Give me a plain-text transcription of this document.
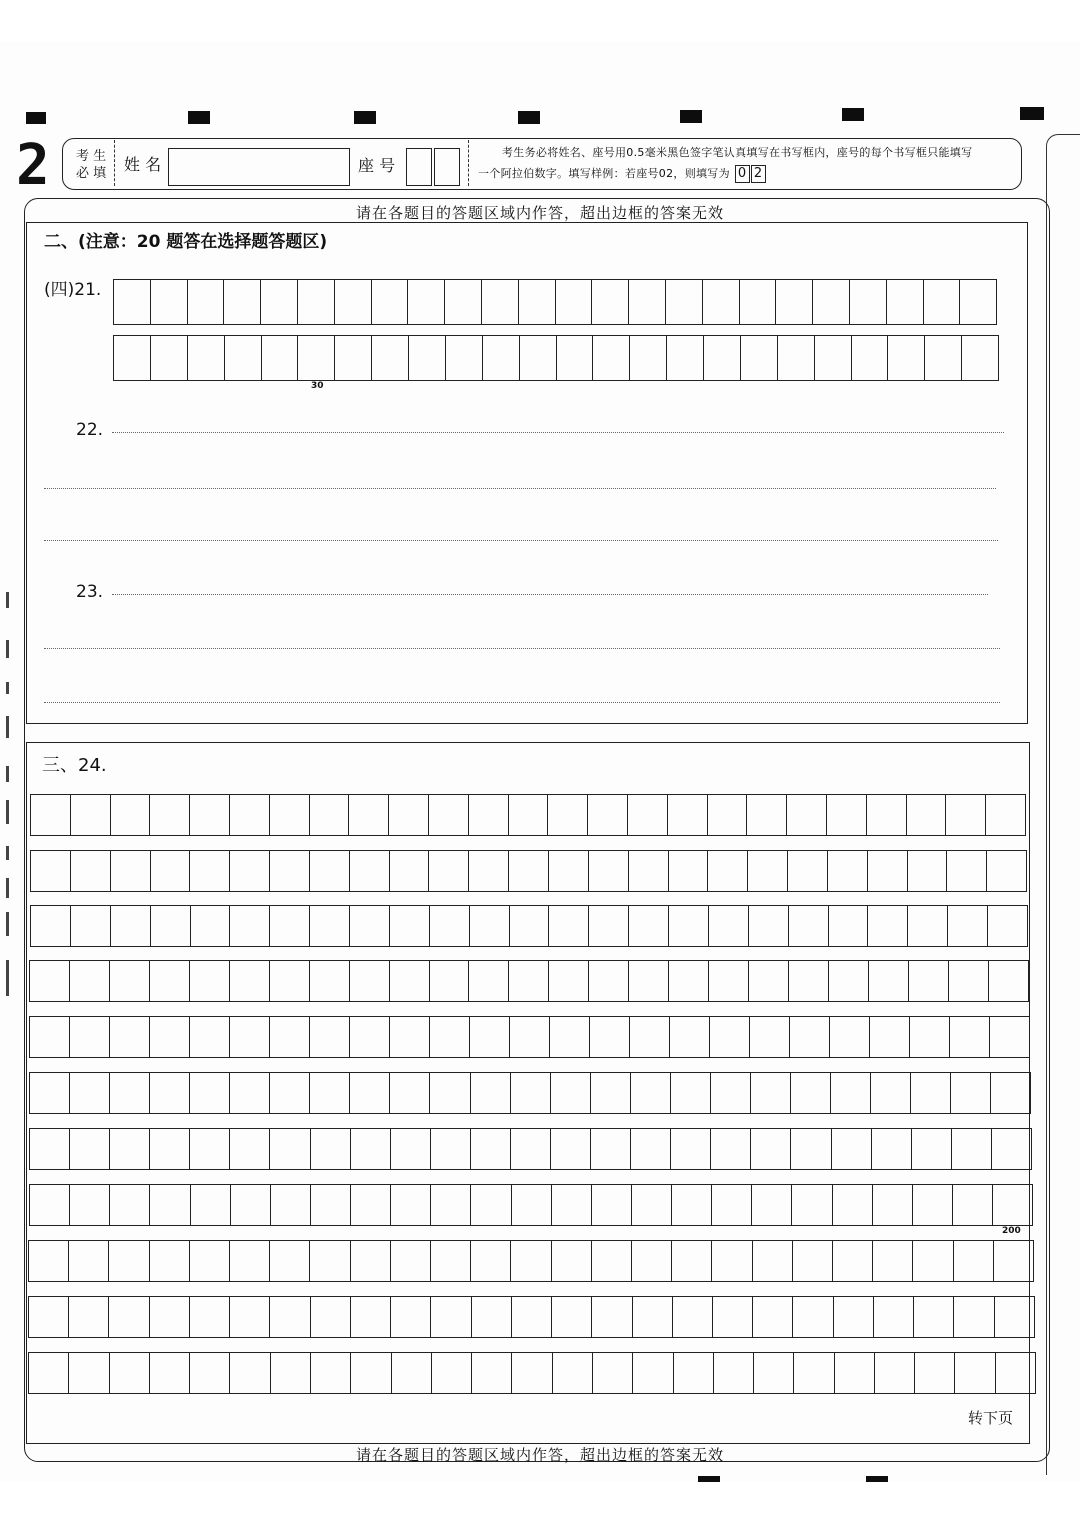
2 考 生
必 填 姓 名	座 号
考生务必将姓名、座号用0.5毫米黑色签字笔认真填写在书写框内，座号的每个书写框只能填写
一个阿拉伯数字。填写样例：若座号02，则填写为 0 2
请在各题目的答题区域内作答，超出边框的答案无效
二、(注意：20 题答在选择题答题区)
(四)21.
30
22.
23.
三、24.
200
转下页
请在各题目的答题区域内作答，超出边框的答案无效
